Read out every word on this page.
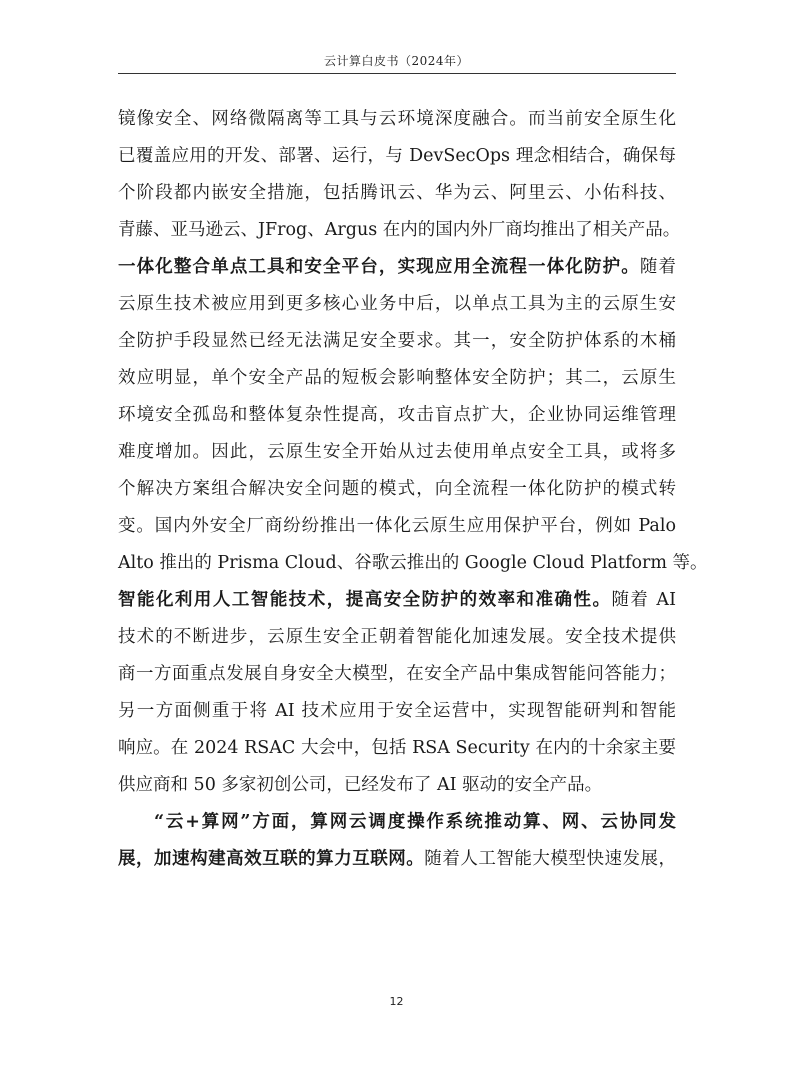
云计算白皮书（2024年）
镜像安全、网络微隔离等工具与云环境深度融合。而当前安全原生化
已覆盖应用的开发、部署、运行，与 DevSecOps 理念相结合，确保每
个阶段都内嵌安全措施，包括腾讯云、华为云、阿里云、小佑科技、
青藤、亚马逊云、JFrog、Argus 在内的国内外厂商均推出了相关产品。
一体化整合单点工具和安全平台，实现应用全流程一体化防护。随着
云原生技术被应用到更多核心业务中后，以单点工具为主的云原生安
全防护手段显然已经无法满足安全要求。其一，安全防护体系的木桶
效应明显，单个安全产品的短板会影响整体安全防护；其二，云原生
环境安全孤岛和整体复杂性提高，攻击盲点扩大，企业协同运维管理
难度增加。因此，云原生安全开始从过去使用单点安全工具，或将多
个解决方案组合解决安全问题的模式，向全流程一体化防护的模式转
变。国内外安全厂商纷纷推出一体化云原生应用保护平台，例如 Palo
Alto 推出的 Prisma Cloud、谷歌云推出的 Google Cloud Platform 等。
智能化利用人工智能技术，提高安全防护的效率和准确性。随着 AI
技术的不断进步，云原生安全正朝着智能化加速发展。安全技术提供
商一方面重点发展自身安全大模型，在安全产品中集成智能问答能力；
另一方面侧重于将 AI 技术应用于安全运营中，实现智能研判和智能
响应。在 2024 RSAC 大会中，包括 RSA Security 在内的十余家主要
供应商和 50 多家初创公司，已经发布了 AI 驱动的安全产品。
“云+算网”方面，算网云调度操作系统推动算、网、云协同发
展，加速构建高效互联的算力互联网。随着人工智能大模型快速发展，
12
